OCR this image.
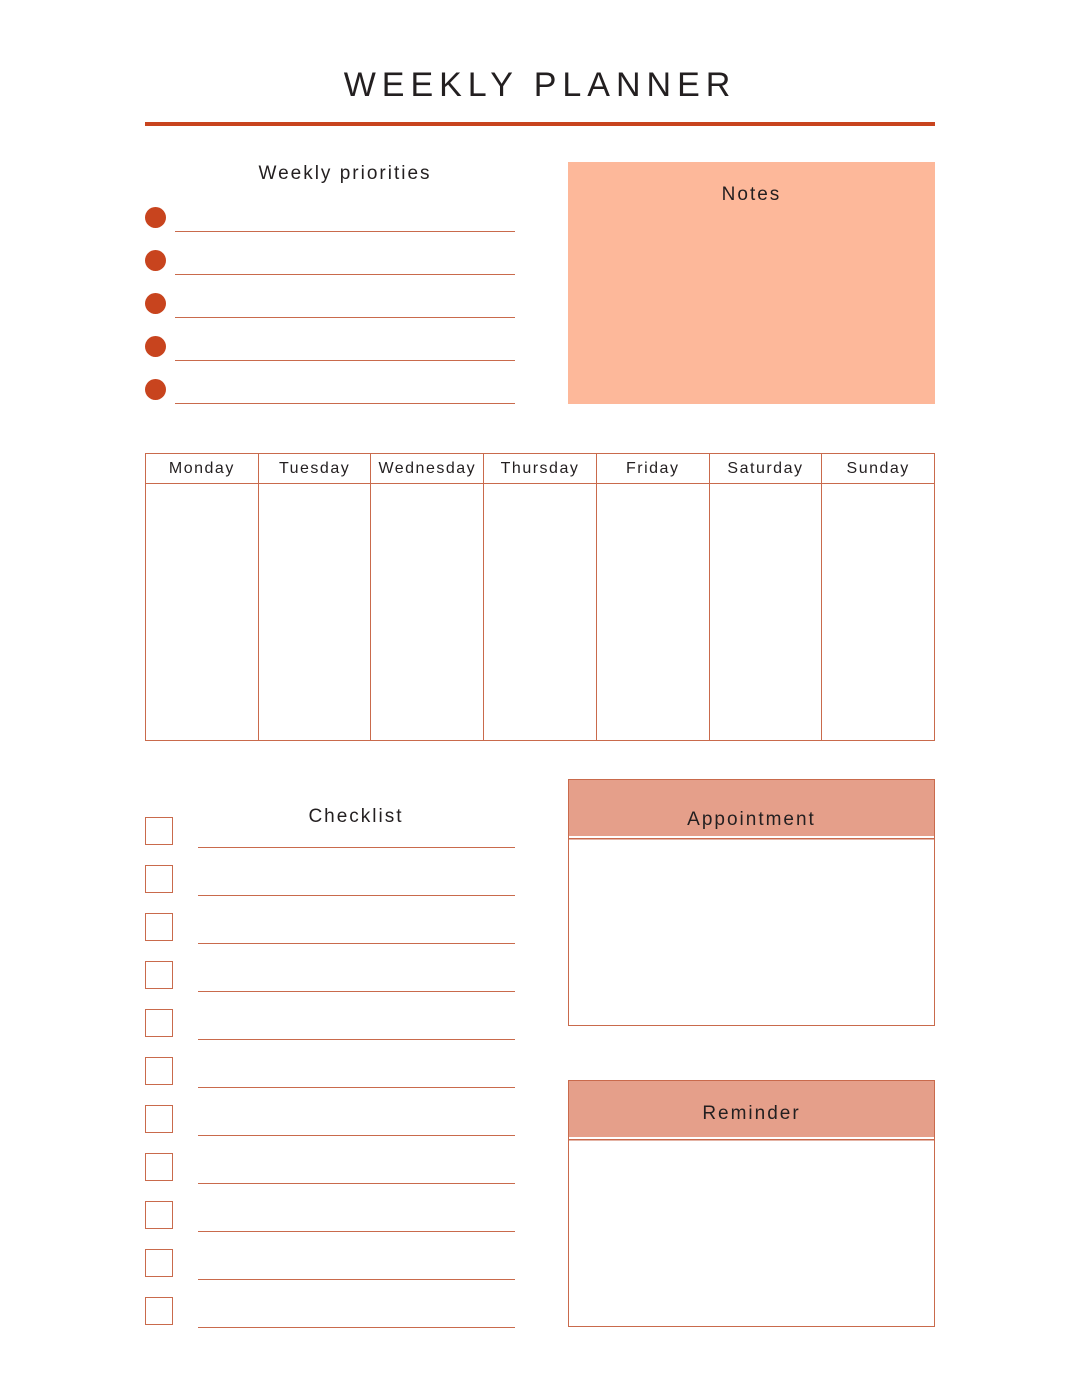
WEEKLY PLANNER
Weekly priorities
Notes
Monday	Tuesday	Wednesday	Thursday	Friday	Saturday	Sunday
Checklist	Appointment
Reminder
